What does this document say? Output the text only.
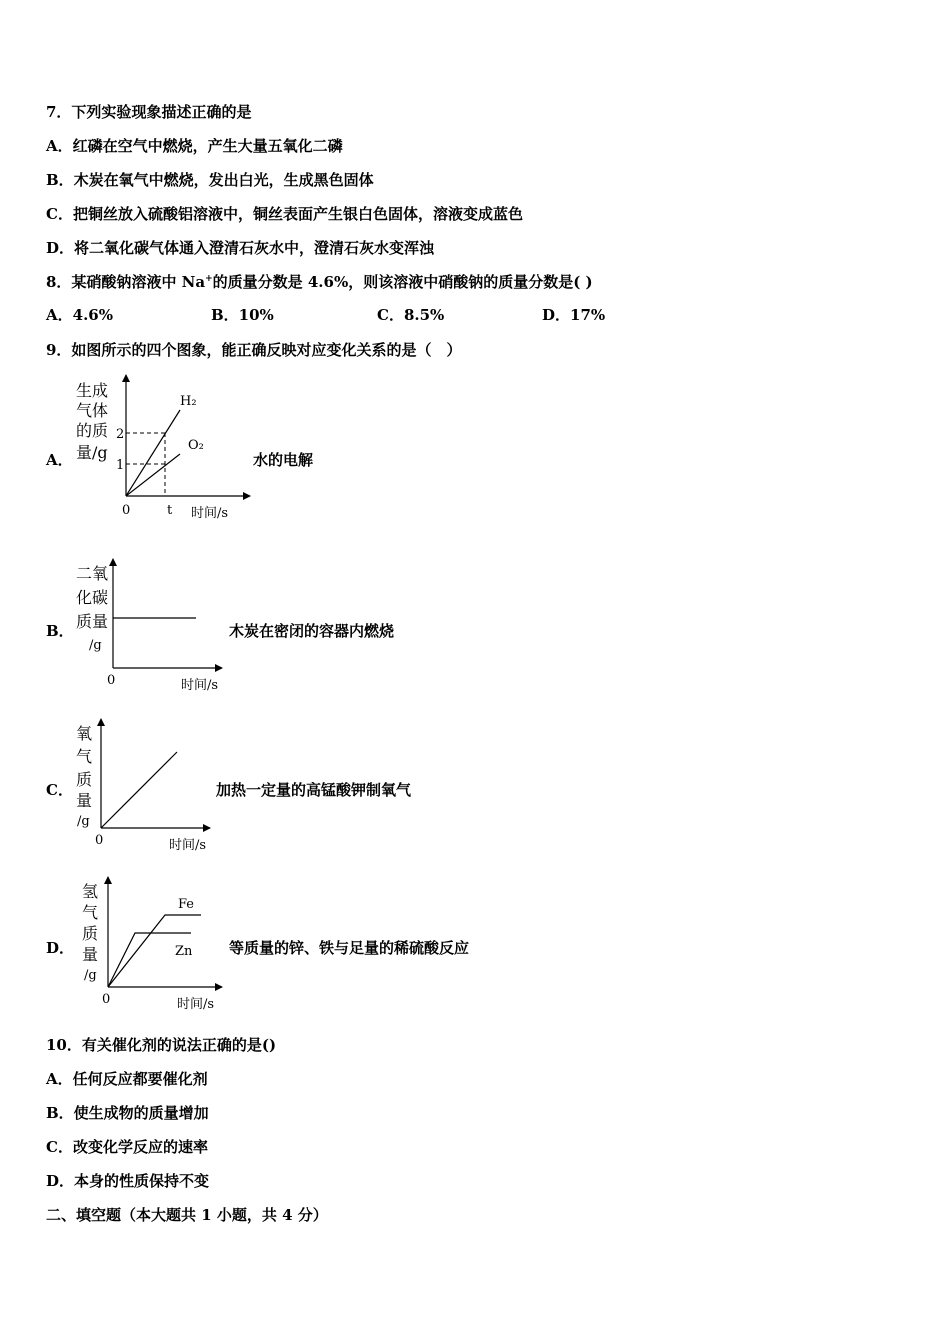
7．下列实验现象描述正确的是
A．红磷在空气中燃烧，产生大量五氧化二磷
B．木炭在氧气中燃烧，发出白光，生成黑色固体
C．把铜丝放入硫酸铝溶液中，铜丝表面产生银白色固体，溶液变成蓝色
D．将二氧化碳气体通入澄清石灰水中，澄清石灰水变浑浊
8．某硝酸钠溶液中 Na+的质量分数是 4.6%，则该溶液中硝酸钠的质量分数是( )
A．4.6%	B．10%	C．8.5%	D．17%
9．如图所示的四个图象，能正确反映对应变化关系的是（　）
A．
生成
气体
的质
量/g
2
1
0	t 时间/s
H₂
O₂
水的电解
B．
二氧
化碳
质量
/g
0	时间/s
木炭在密闭的容器内燃烧
C．
氧
气
质
量
/g
0	时间/s
加热一定量的高锰酸钾制氧气
D．
氢
气
质
量
/g
0	时间/s
Fe
Zn 等质量的锌、铁与足量的稀硫酸反应
10．有关催化剂的说法正确的是()
A．任何反应都要催化剂
B．使生成物的质量增加
C．改变化学反应的速率
D．本身的性质保持不变
二、填空题（本大题共 1 小题，共 4 分）
